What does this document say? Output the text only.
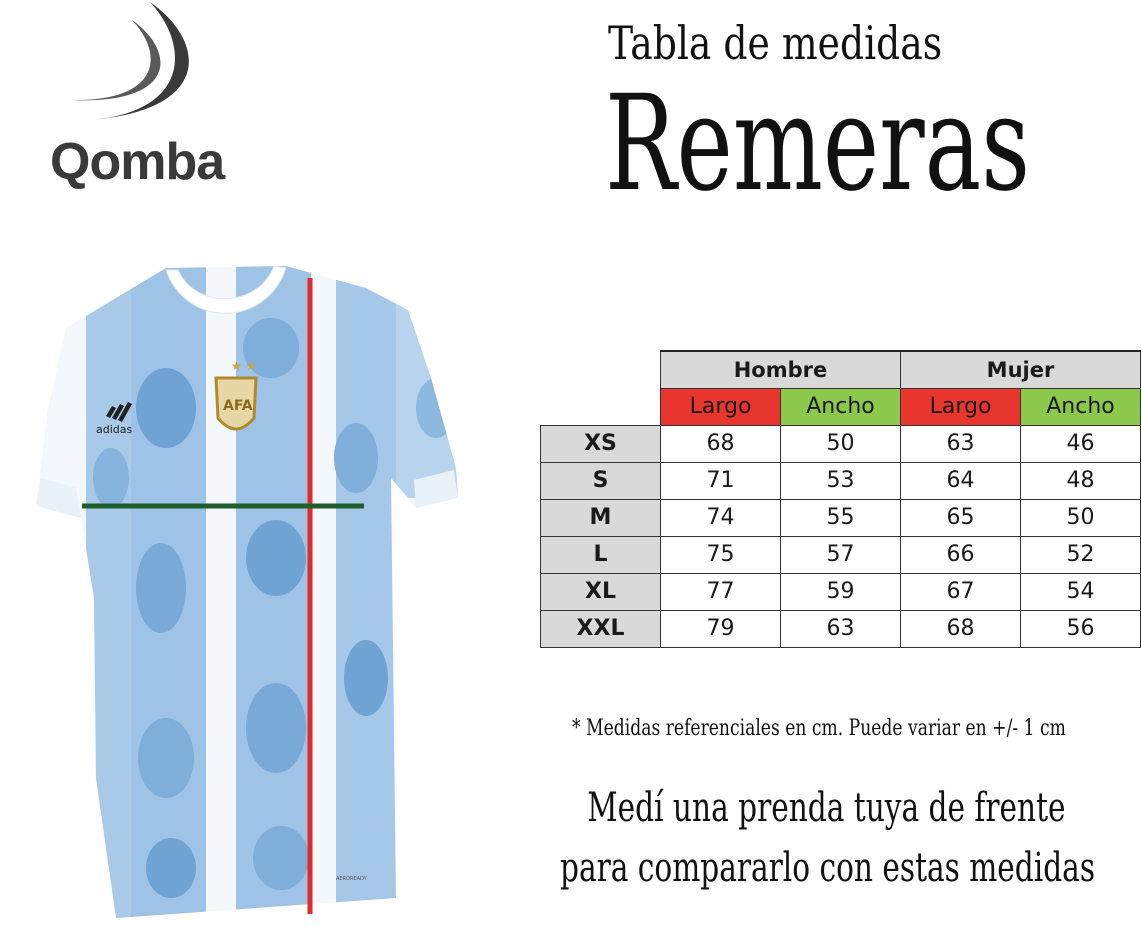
Qomba
Tabla de medidas
Remeras
★ ★
AFA
adidas
AEROREADY
	Hombre		Mujer	
	Largo	Ancho	Largo	Ancho
XS	68	50	63	46
S	71	53	64	48
M	74	55	65	50
L	75	57	66	52
XL	77	59	67	54
XXL	79	63	68	56
* Medidas referenciales en cm. Puede variar en +/- 1 cm
Medí una prenda tuya de frente
para compararlo con estas medidas
